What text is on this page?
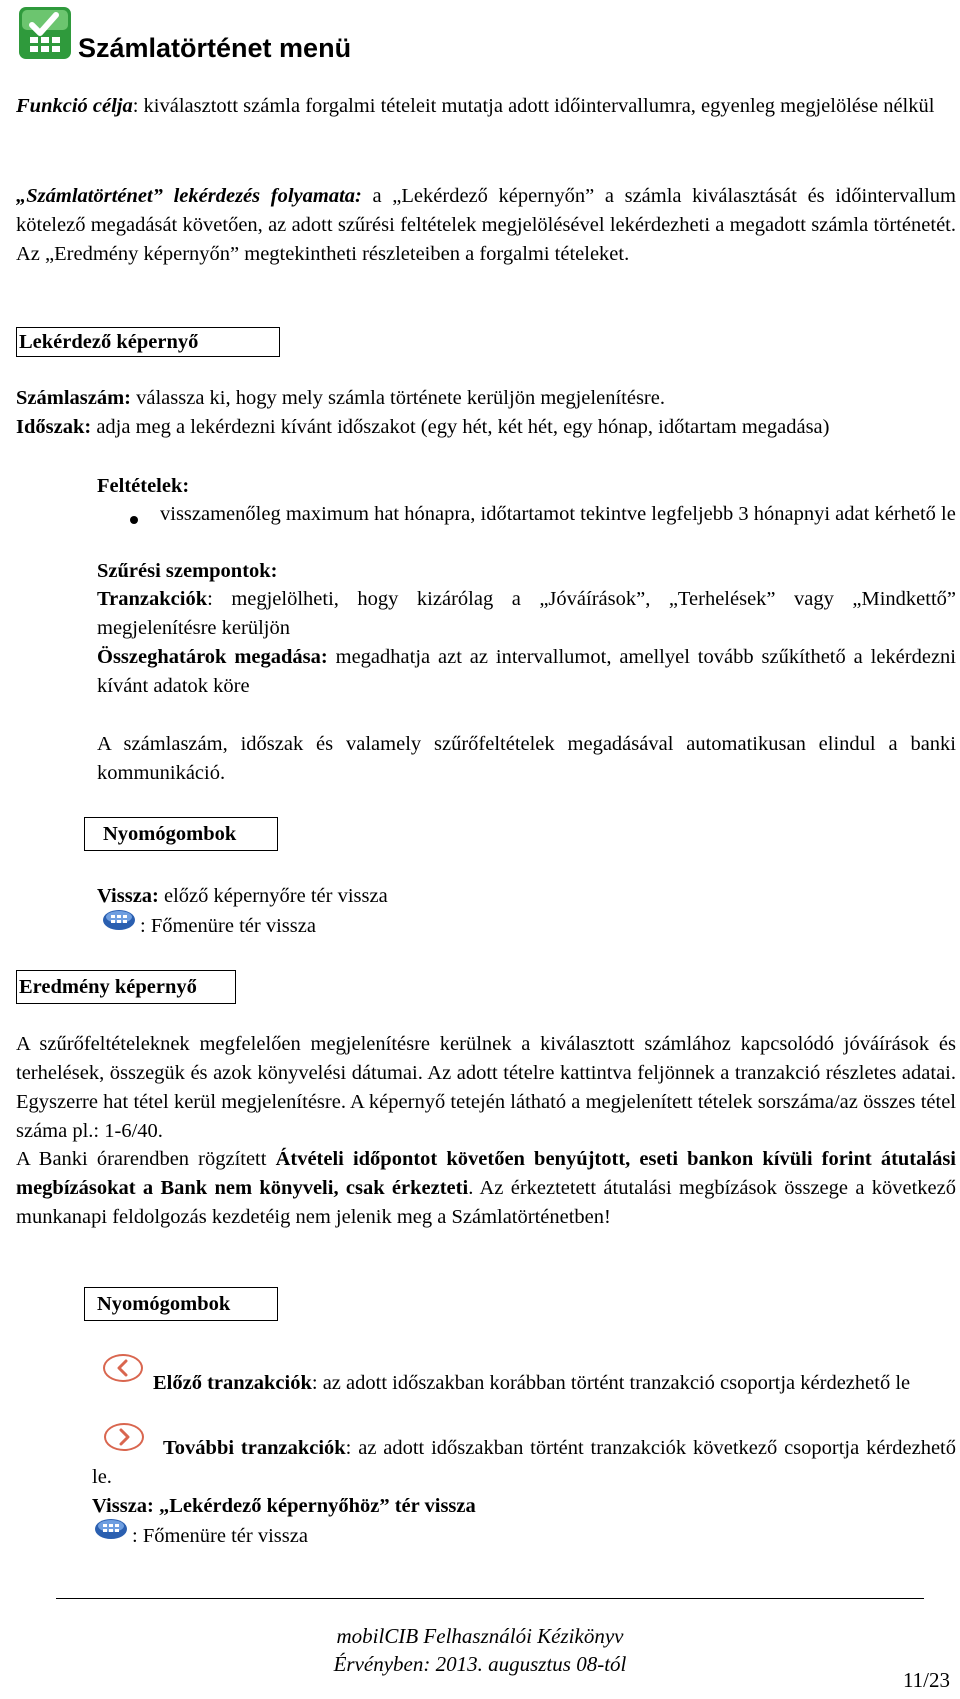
Számlatörténet menü
Funkció célja: kiválasztott számla forgalmi tételeit mutatja adott időintervallumra, egyenleg megjelölése nélkül
„Számlatörténet” lekérdezés folyamata: a „Lekérdező képernyőn” a számla kiválasztását és időintervallum kötelező megadását követően, az adott szűrési feltételek megjelölésével lekérdezheti a megadott számla történetét. Az „Eredmény képernyőn” megtekintheti részleteiben a forgalmi tételeket.
Lekérdező képernyő
Számlaszám: válassza ki, hogy mely számla története kerüljön megjelenítésre.
Időszak: adja meg a lekérdezni kívánt időszakot (egy hét, két hét, egy hónap, időtartam megadása)
Feltételek:
visszamenőleg maximum hat hónapra, időtartamot tekintve legfeljebb 3 hónapnyi adat kérhető le
Szűrési szempontok:
Tranzakciók: megjelölheti, hogy kizárólag a „Jóváírások”, „Terhelések” vagy „Mindkettő” megjelenítésre kerüljön
Összeghatárok megadása: megadhatja azt az intervallumot, amellyel tovább szűkíthető a lekérdezni kívánt adatok köre
A számlaszám, időszak és valamely szűrőfeltételek megadásával automatikusan elindul a banki kommunikáció.
Nyomógombok
Vissza: előző képernyőre tér vissza
: Főmenüre tér vissza
Eredmény képernyő
A szűrőfeltételeknek megfelelően megjelenítésre kerülnek a kiválasztott számlához kapcsolódó jóváírások és terhelések, összegük és azok könyvelési dátumai. Az adott tételre kattintva feljönnek a tranzakció részletes adatai. Egyszerre hat tétel kerül megjelenítésre. A képernyő tetején látható a megjelenített tételek sorszáma/az összes tétel száma pl.: 1-6/40.
A Banki órarendben rögzített Átvételi időpontot követően benyújtott, eseti bankon kívüli forint átutalási megbízásokat a Bank nem könyveli, csak érkezteti. Az érkeztetett átutalási megbízások összege a következő munkanapi feldolgozás kezdetéig nem jelenik meg a Számlatörténetben!
Nyomógombok
Előző tranzakciók: az adott időszakban korábban történt tranzakció csoportja kérdezhető le
További tranzakciók: az adott időszakban történt tranzakciók következő csoportja kérdezhető le.
Vissza: „Lekérdező képernyőhöz” tér vissza
: Főmenüre tér vissza
mobilCIB Felhasználói Kézikönyv
Érvényben: 2013. augusztus 08-tól
11/23
